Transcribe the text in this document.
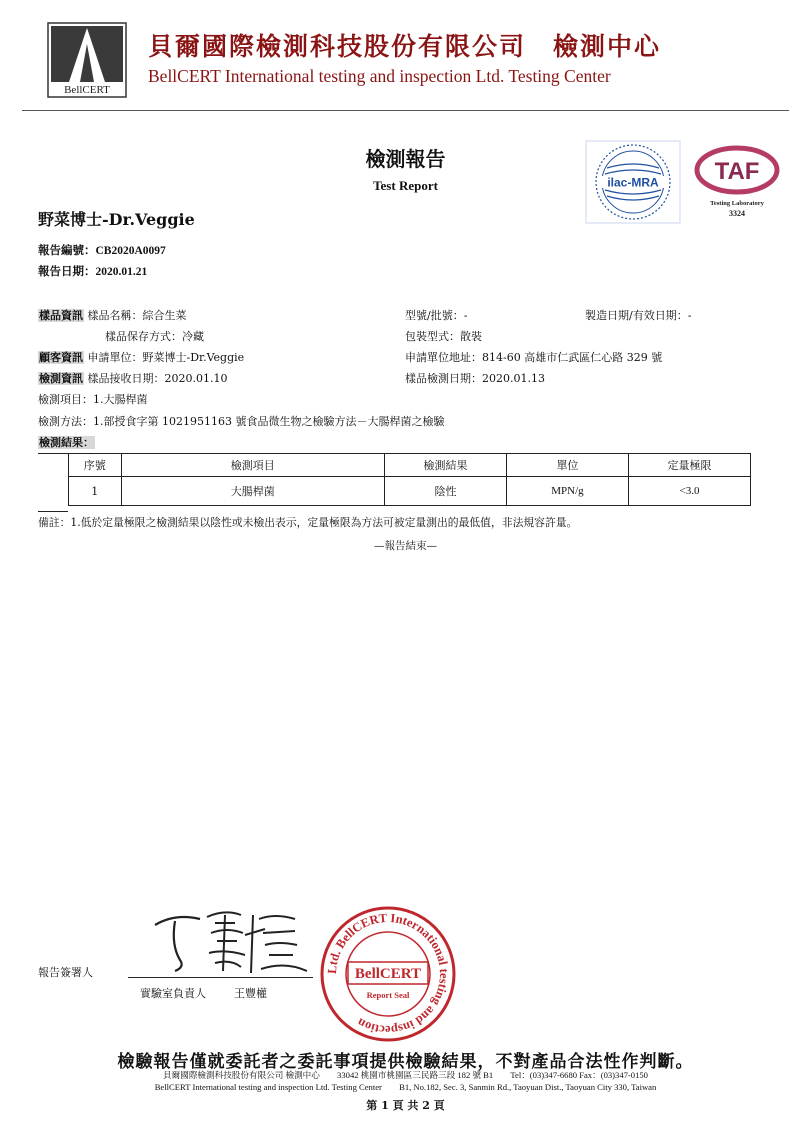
BellCERT
貝爾國際檢測科技股份有限公司　檢測中心
BellCERT International testing and inspection Ltd. Testing Center
檢測報告
Test Report	ilac-MRA TAF
Testing Laboratory
3324
野菜博士-Dr.Veggie
報告編號：CB2020A0097
報告日期：2020.01.21
樣品資訊 樣品名稱：綜合生菜	型號/批號：-	製造日期/有效日期：-
樣品保存方式：冷藏	包裝型式：散裝
顧客資訊 申請單位：野菜博士-Dr.Veggie	申請單位地址：814-60 高雄市仁武區仁心路 329 號
檢測資訊 樣品接收日期：2020.01.10	樣品檢測日期：2020.01.13
檢測項目：1.大腸桿菌
檢測方法：1.部授食字第 1021951163 號食品微生物之檢驗方法－大腸桿菌之檢驗
檢測結果：
序號	檢測項目	檢測結果	單位	定量極限
1	大腸桿菌	陰性	MPN/g	<3.0
備註：1.低於定量極限之檢測結果以陰性或未檢出表示，定量極限為方法可被定量測出的最低值，非法規容許量。
—報告結束—
報告簽署人
實驗室負責人	王豐權
Ltd. BellCERT International testing and inspection
BellCERT
Report Seal
檢驗報告僅就委託者之委託事項提供檢驗結果，不對產品合法性作判斷。
貝爾國際檢測科技股份有限公司 檢測中心　　33042 桃園市桃園區三民路三段 182 號 B1　　Tel：(03)347-6680 Fax：(03)347-0150
BellCERT International testing and inspection Ltd. Testing Center　　B1, No.182, Sec. 3, Sanmin Rd., Taoyuan Dist., Taoyuan City 330, Taiwan
第 1 頁 共 2 頁
